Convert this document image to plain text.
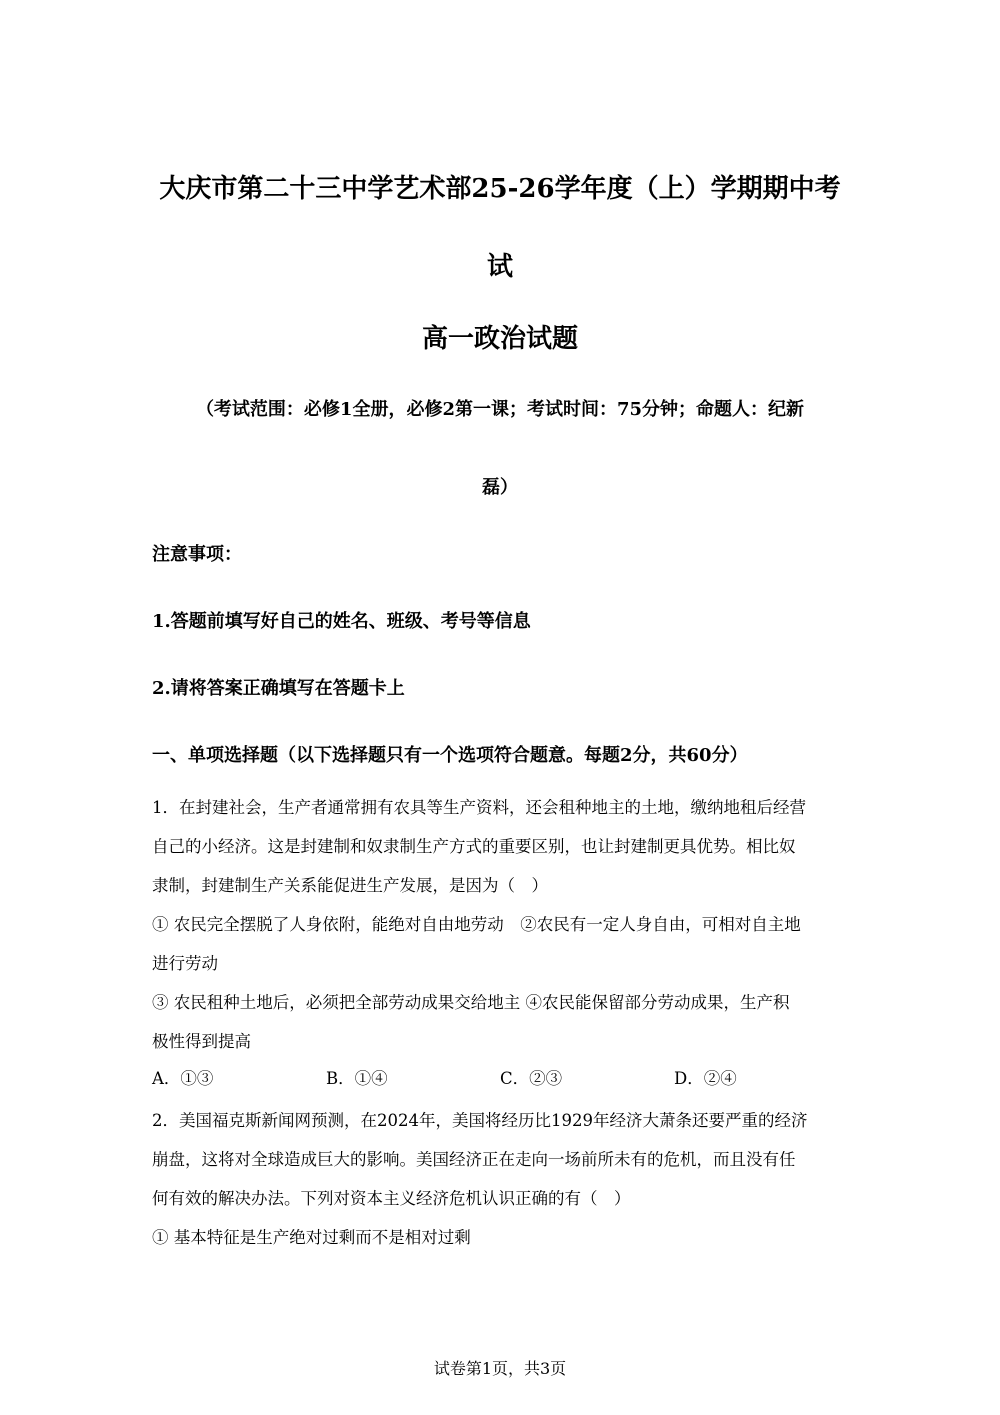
大庆市第二十三中学艺术部25-26学年度（上）学期期中考
试
高一政治试题
（考试范围：必修1全册，必修2第一课；考试时间：75分钟；命题人：纪新
磊）
注意事项：
1.答题前填写好自己的姓名、班级、考号等信息
2.请将答案正确填写在答题卡上
一、单项选择题（以下选择题只有一个选项符合题意。每题2分，共60分）
1．在封建社会，生产者通常拥有农具等生产资料，还会租种地主的土地，缴纳地租后经营
自己的小经济。这是封建制和奴隶制生产方式的重要区别，也让封建制更具优势。相比奴
隶制，封建制生产关系能促进生产发展，是因为（　）
① 农民完全摆脱了人身依附，能绝对自由地劳动　②农民有一定人身自由，可相对自主地
进行劳动
③ 农民租种土地后，必须把全部劳动成果交给地主 ④农民能保留部分劳动成果，生产积
极性得到提高
A．①③	B．①④	C．②③	D．②④
2．美国福克斯新闻网预测，在2024年，美国将经历比1929年经济大萧条还要严重的经济
崩盘，这将对全球造成巨大的影响。美国经济正在走向一场前所未有的危机，而且没有任
何有效的解决办法。下列对资本主义经济危机认识正确的有（　）
① 基本特征是生产绝对过剩而不是相对过剩
试卷第1页，共3页
